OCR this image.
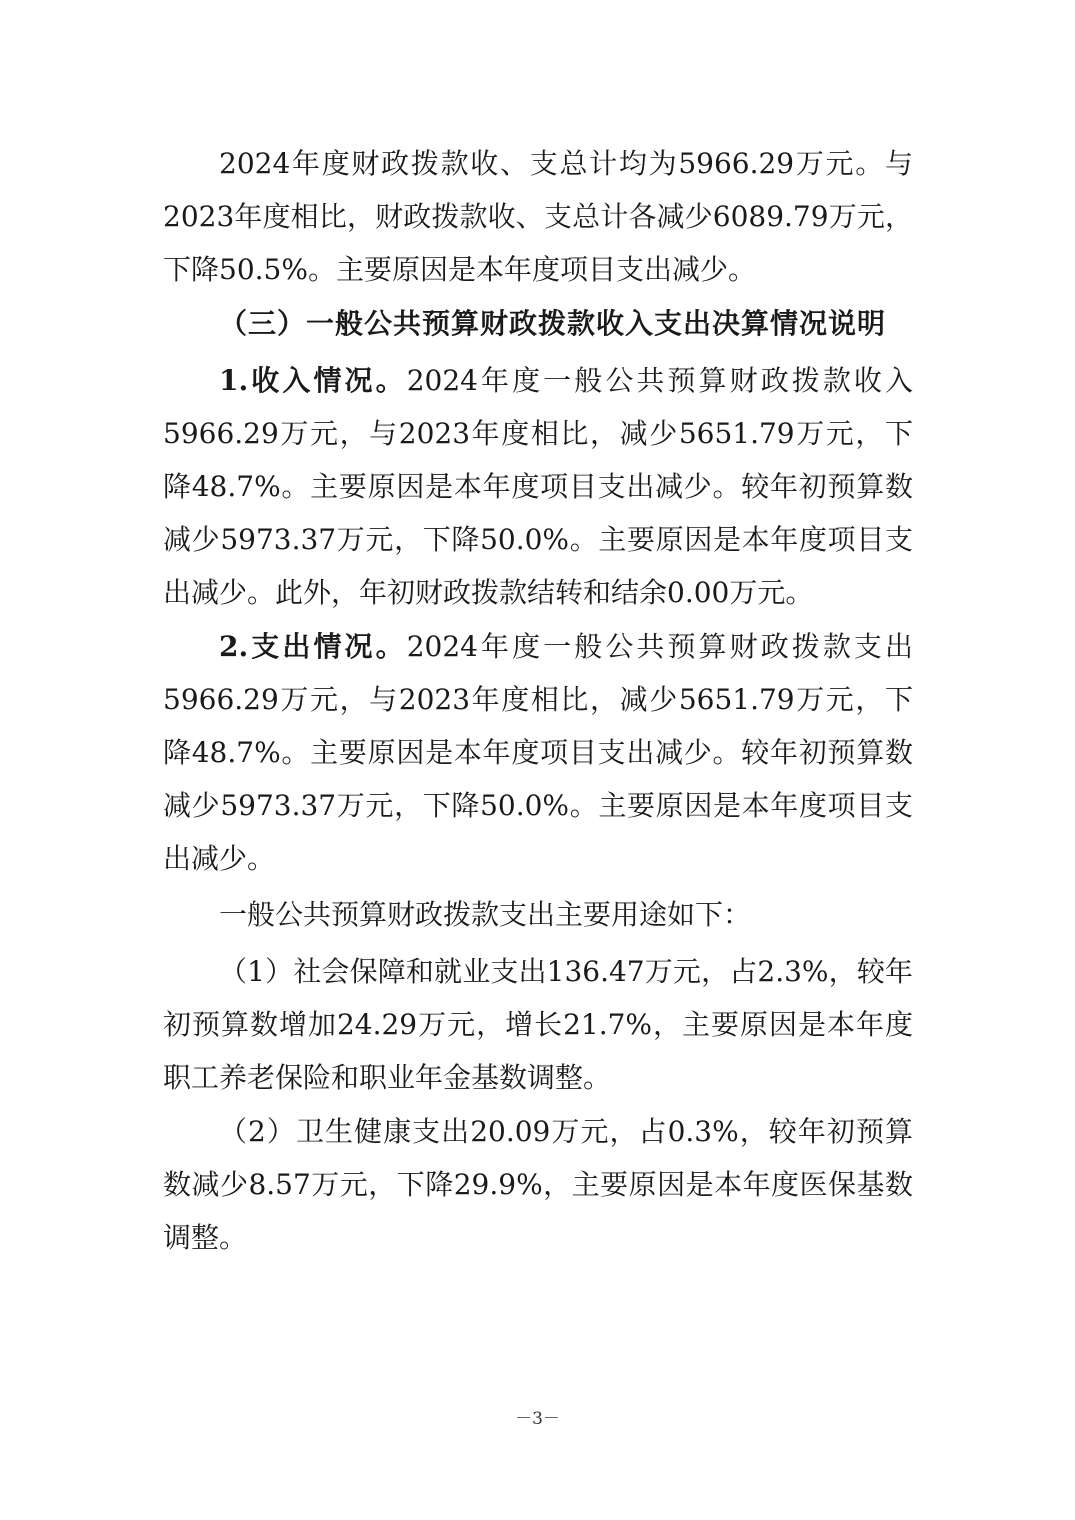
2024年度财政拨款收、支总计均为5966.29万元。与2023年度相比，财政拨款收、支总计各减少6089.79万元，下降50.5%。主要原因是本年度项目支出减少。

（三）一般公共预算财政拨款收入支出决算情况说明

1.收入情况。2024年度一般公共预算财政拨款收入5966.29万元，与2023年度相比，减少5651.79万元，下降48.7%。主要原因是本年度项目支出减少。较年初预算数减少5973.37万元，下降50.0%。主要原因是本年度项目支出减少。此外，年初财政拨款结转和结余0.00万元。

2.支出情况。2024年度一般公共预算财政拨款支出5966.29万元，与2023年度相比，减少5651.79万元，下降48.7%。主要原因是本年度项目支出减少。较年初预算数减少5973.37万元，下降50.0%。主要原因是本年度项目支出减少。

一般公共预算财政拨款支出主要用途如下：

（1）社会保障和就业支出136.47万元，占2.3%，较年初预算数增加24.29万元，增长21.7%，主要原因是本年度职工养老保险和职业年金基数调整。

（2）卫生健康支出20.09万元，占0.3%，较年初预算数减少8.57万元，下降29.9%，主要原因是本年度医保基数调整。

－3－
